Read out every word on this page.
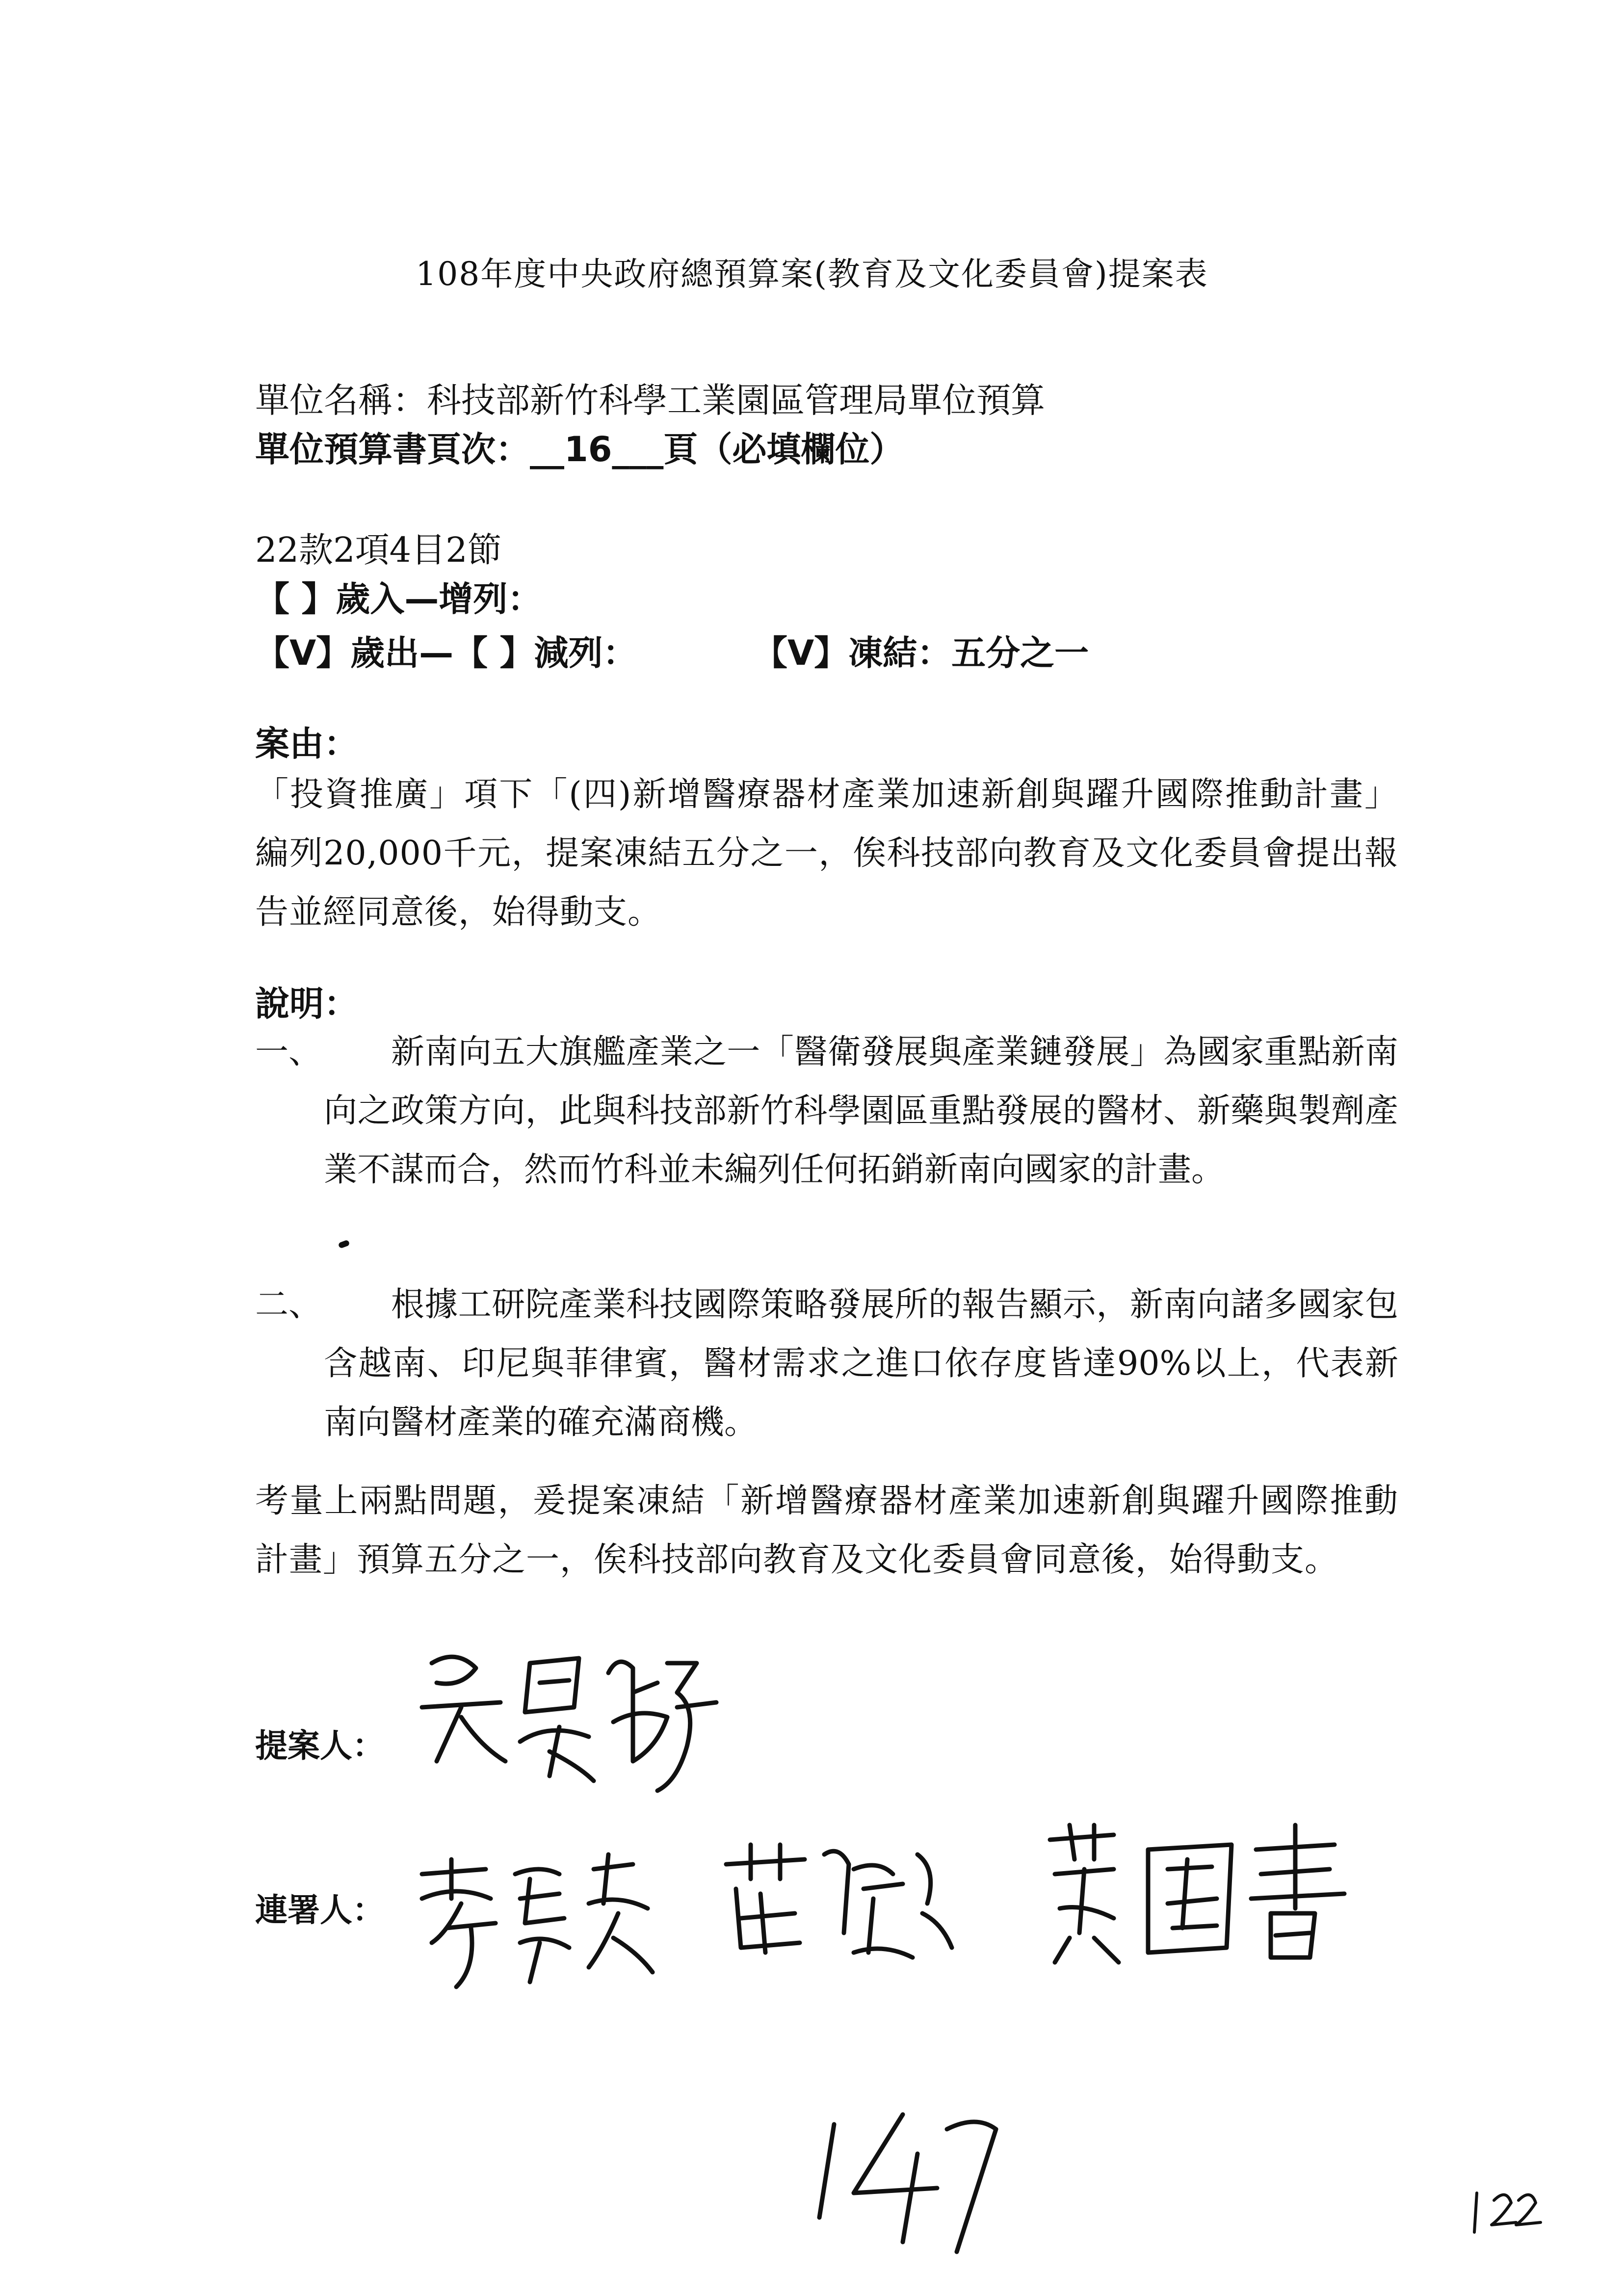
108年度中央政府總預算案(教育及文化委員會)提案表
單位名稱：科技部新竹科學工業園區管理局單位預算
單位預算書頁次：__16___頁（必填欄位）
22款2項4目2節
【 】歲入—增列：
【V】歲出—【 】減列：	【V】凍結：五分之一
案由：
「投資推廣」項下「(四)新增醫療器材產業加速新創與躍升國際推動計畫」編列20,000千元，提案凍結五分之一，俟科技部向教育及文化委員會提出報告並經同意後，始得動支。
說明：
一、 　　新南向五大旗艦產業之一「醫衛發展與產業鏈發展」為國家重點新南向之政策方向，此與科技部新竹科學園區重點發展的醫材、新藥與製劑產業不謀而合，然而竹科並未編列任何拓銷新南向國家的計畫。
二、 　　根據工研院產業科技國際策略發展所的報告顯示，新南向諸多國家包含越南、印尼與菲律賓，醫材需求之進口依存度皆達90%以上，代表新南向醫材產業的確充滿商機。
考量上兩點問題，爰提案凍結「新增醫療器材產業加速新創與躍升國際推動計畫」預算五分之一，俟科技部向教育及文化委員會同意後，始得動支。
提案人：
連署人：
